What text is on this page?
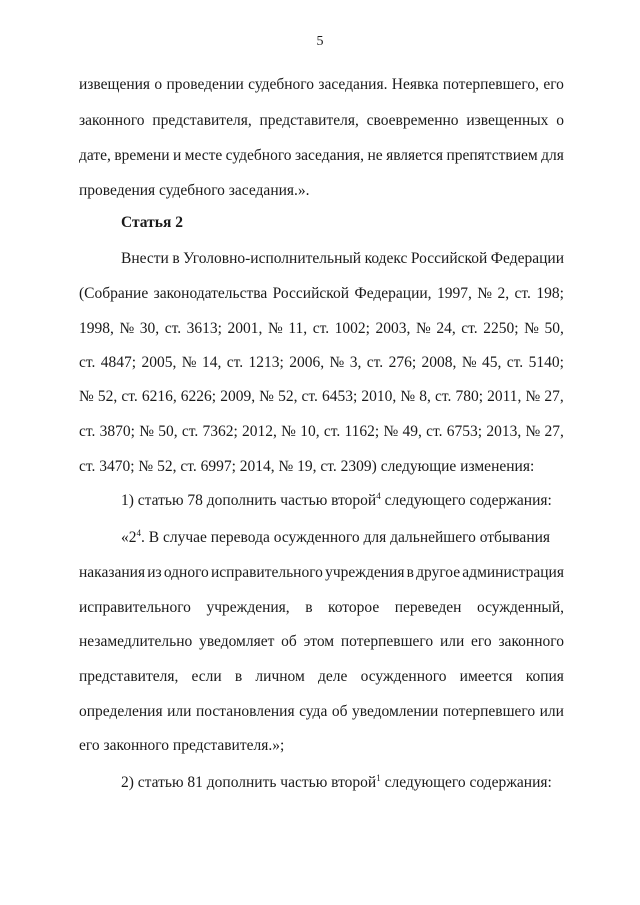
5
извещения о проведении судебного заседания. Неявка потерпевшего, его
законного представителя, представителя, своевременно извещенных о
дате, времени и месте судебного заседания, не является препятствием для
проведения судебного заседания.».
Статья 2
Внести в Уголовно-исполнительный кодекс Российской Федерации
(Собрание законодательства Российской Федерации, 1997, № 2, ст. 198;
1998, № 30, ст. 3613; 2001, № 11, ст. 1002; 2003, № 24, ст. 2250; № 50,
ст. 4847; 2005, № 14, ст. 1213; 2006, № 3, ст. 276; 2008, № 45, ст. 5140;
№ 52, ст. 6216, 6226; 2009, № 52, ст. 6453; 2010, № 8, ст. 780; 2011, № 27,
ст. 3870; № 50, ст. 7362; 2012, № 10, ст. 1162; № 49, ст. 6753; 2013, № 27,
ст. 3470; № 52, ст. 6997; 2014, № 19, ст. 2309) следующие изменения:
1) статью 78 дополнить частью второй$^4$ следующего содержания:
«$2^4$. В случае перевода осужденного для дальнейшего отбывания
наказания из одного исправительного учреждения в другое администрация
исправительного учреждения, в которое переведен осужденный,
незамедлительно уведомляет об этом потерпевшего или его законного
представителя, если в личном деле осужденного имеется копия
определения или постановления суда об уведомлении потерпевшего или
его законного представителя.»;
2) статью 81 дополнить частью второй$^1$ следующего содержания:
